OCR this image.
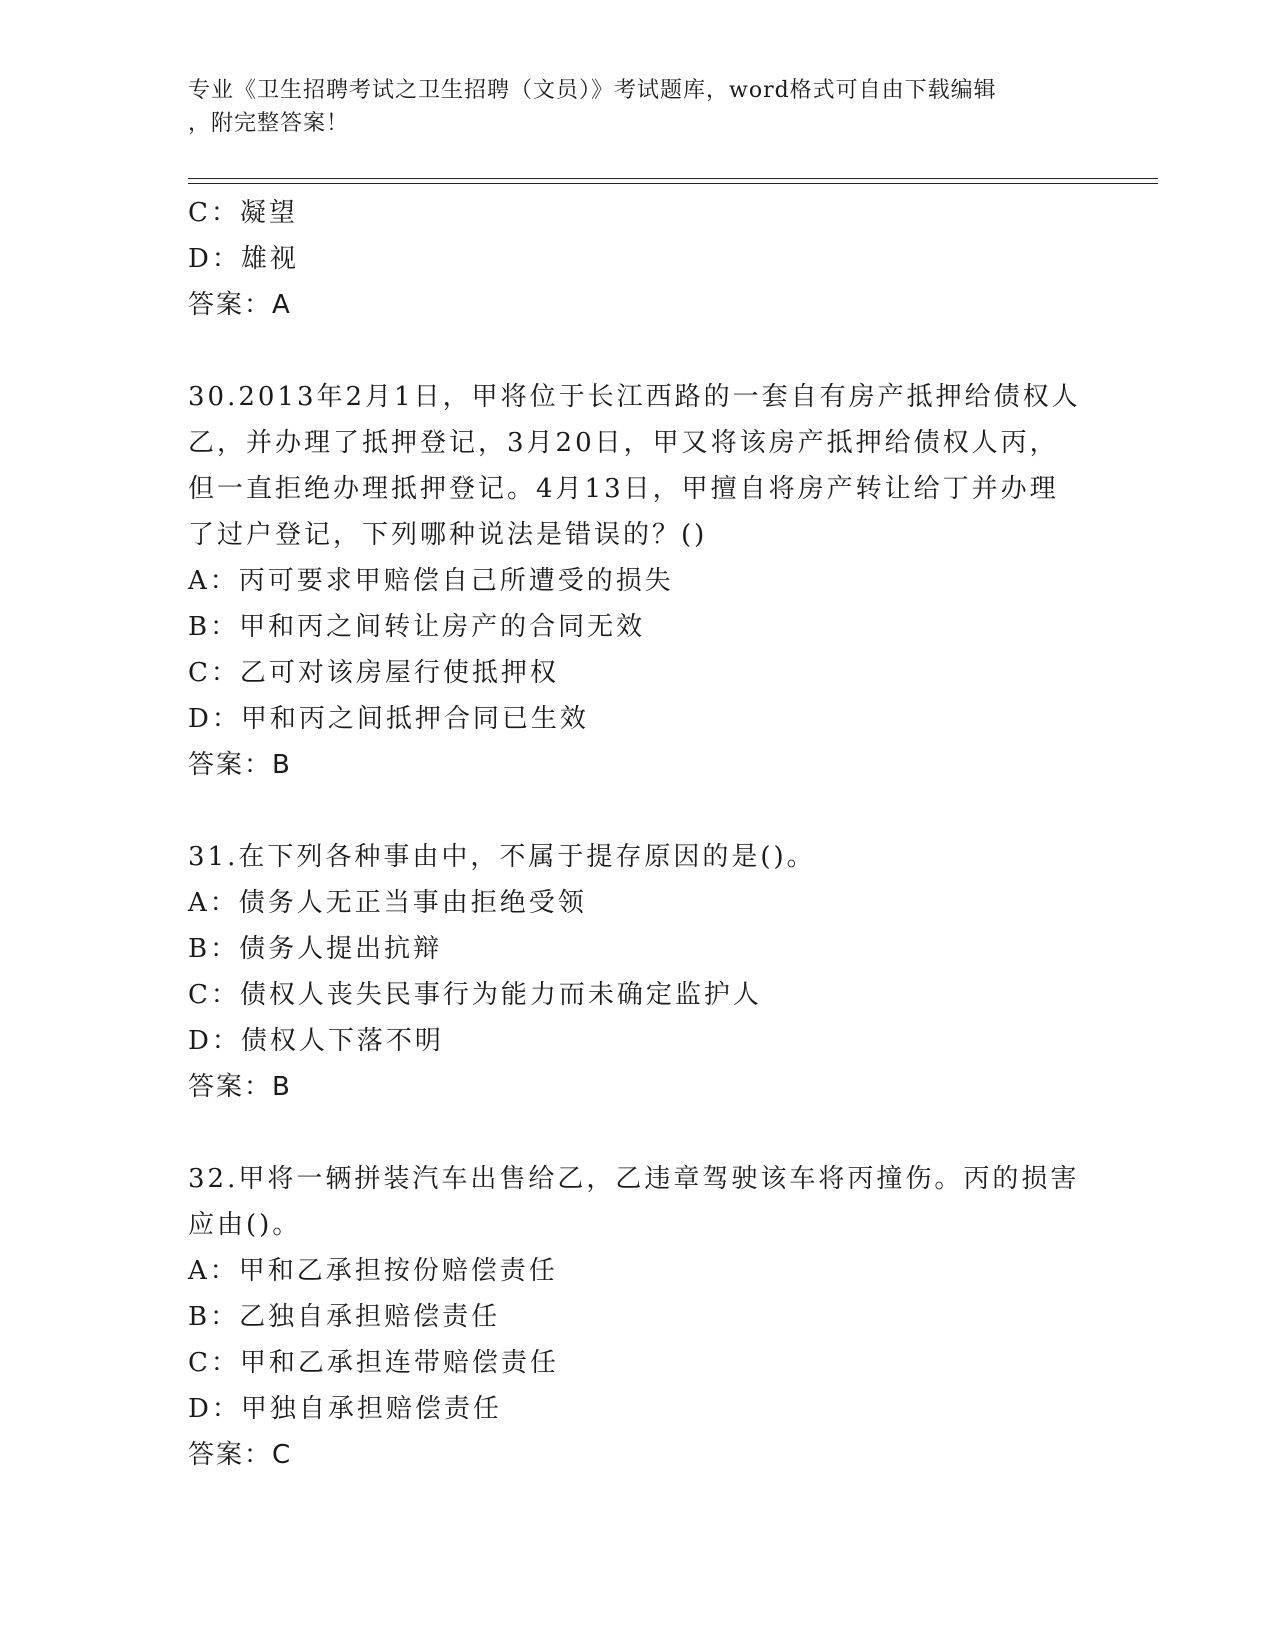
专业《卫生招聘考试之卫生招聘（文员）》考试题库，word格式可自由下载编辑
，附完整答案！
C：凝望
D：雄视
答案：A
30.2013年2月1日，甲将位于长江西路的一套自有房产抵押给债权人
乙，并办理了抵押登记，3月20日，甲又将该房产抵押给债权人丙，
但一直拒绝办理抵押登记。4月13日，甲擅自将房产转让给丁并办理
了过户登记，下列哪种说法是错误的？()
A：丙可要求甲赔偿自己所遭受的损失
B：甲和丙之间转让房产的合同无效
C：乙可对该房屋行使抵押权
D：甲和丙之间抵押合同已生效
答案：B
31.在下列各种事由中，不属于提存原因的是()。
A：债务人无正当事由拒绝受领
B：债务人提出抗辩
C：债权人丧失民事行为能力而未确定监护人
D：债权人下落不明
答案：B
32.甲将一辆拼装汽车出售给乙，乙违章驾驶该车将丙撞伤。丙的损害
应由()。
A：甲和乙承担按份赔偿责任
B：乙独自承担赔偿责任
C：甲和乙承担连带赔偿责任
D：甲独自承担赔偿责任
答案：C
